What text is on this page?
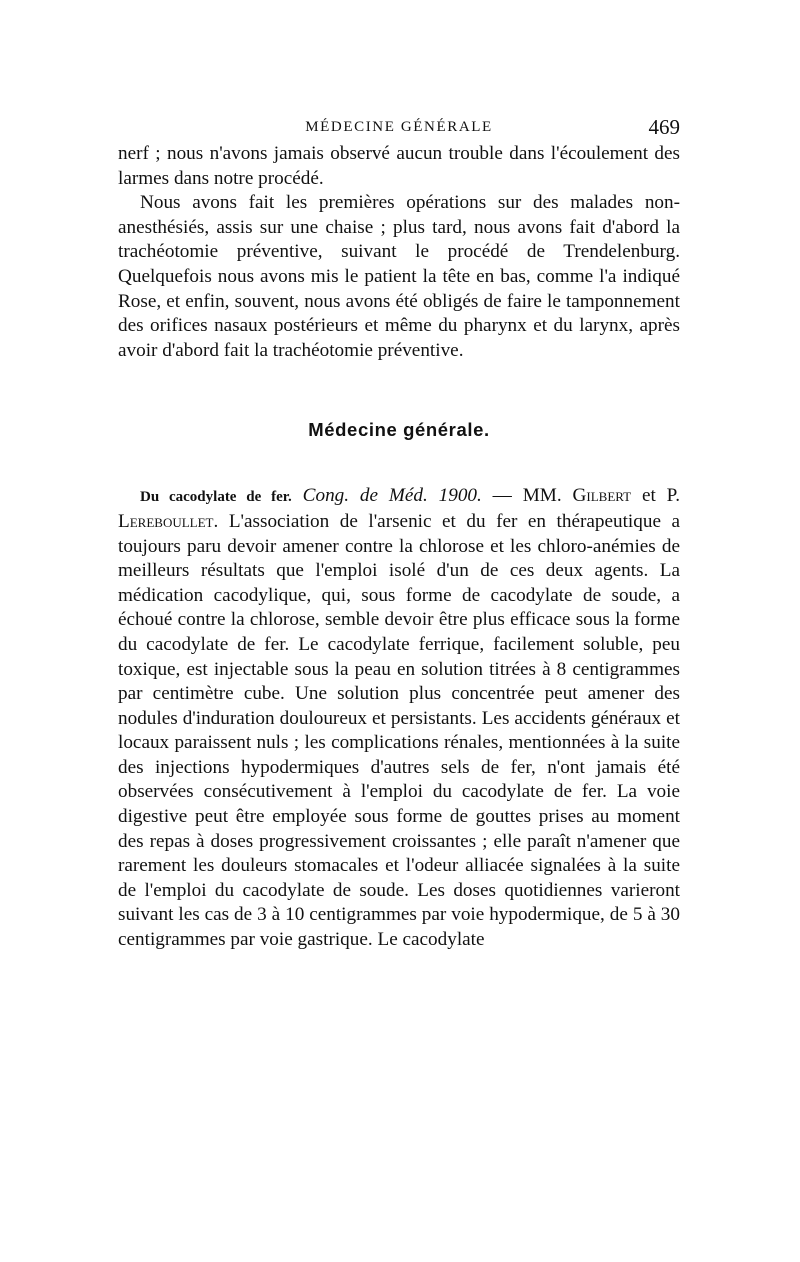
MÉDECINE GÉNÉRALE	469

nerf ; nous n'avons jamais observé aucun trouble dans l'écoulement des larmes dans notre procédé.

Nous avons fait les premières opérations sur des malades non-anesthésiés, assis sur une chaise ; plus tard, nous avons fait d'abord la trachéotomie préventive, suivant le procédé de Trendelenburg. Quelquefois nous avons mis le patient la tête en bas, comme l'a indiqué Rose, et enfin, souvent, nous avons été obligés de faire le tamponnement des orifices nasaux postérieurs et même du pharynx et du larynx, après avoir d'abord fait la trachéotomie préventive.

Médecine générale.

Du cacodylate de fer. Cong. de Méd. 1900. — MM. Gilbert et P. Lereboullet. L'association de l'arsenic et du fer en thérapeutique a toujours paru devoir amener contre la chlorose et les chloro-anémies de meilleurs résultats que l'emploi isolé d'un de ces deux agents. La médication cacodylique, qui, sous forme de cacodylate de soude, a échoué contre la chlorose, semble devoir être plus efficace sous la forme du cacodylate de fer. Le cacodylate ferrique, facilement soluble, peu toxique, est injectable sous la peau en solution titrées à 8 centigrammes par centimètre cube. Une solution plus concentrée peut amener des nodules d'induration douloureux et persistants. Les accidents généraux et locaux paraissent nuls ; les complications rénales, mentionnées à la suite des injections hypodermiques d'autres sels de fer, n'ont jamais été observées consécutivement à l'emploi du cacodylate de fer. La voie digestive peut être employée sous forme de gouttes prises au moment des repas à doses progressivement croissantes ; elle paraît n'amener que rarement les douleurs stomacales et l'odeur alliacée signalées à la suite de l'emploi du cacodylate de soude. Les doses quotidiennes varieront suivant les cas de 3 à 10 centigrammes par voie hypodermique, de 5 à 30 centigrammes par voie gastrique. Le cacodylate
